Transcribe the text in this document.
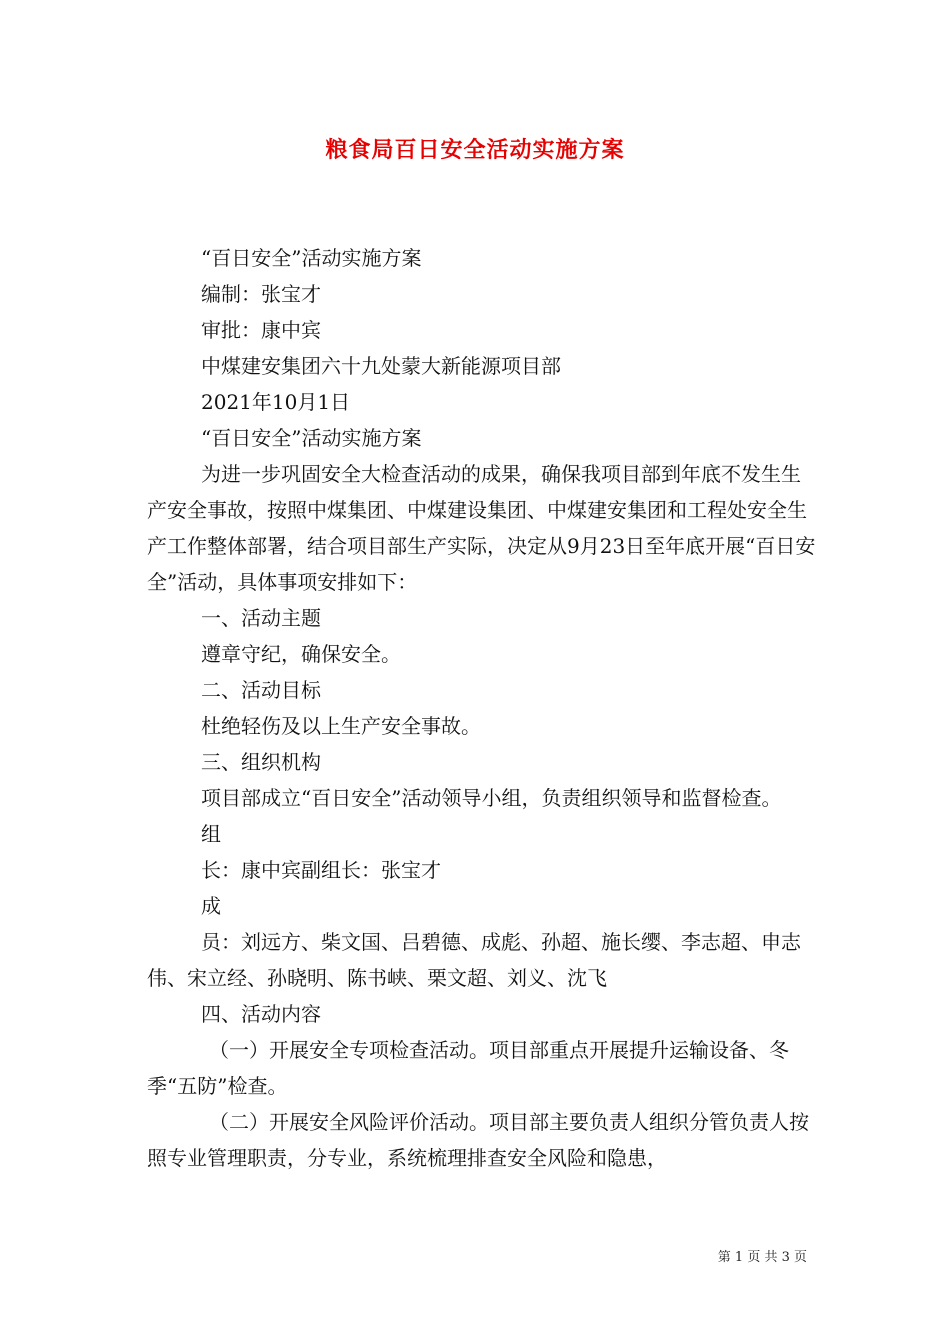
粮食局百日安全活动实施方案

“百日安全”活动实施方案

编制：张宝才

审批：康中宾

中煤建安集团六十九处蒙大新能源项目部

2021年10月1日

“百日安全”活动实施方案

为进一步巩固安全大检查活动的成果，确保我项目部到年底不发生生产安全事故，按照中煤集团、中煤建设集团、中煤建安集团和工程处安全生产工作整体部署，结合项目部生产实际，决定从9月23日至年底开展“百日安全”活动，具体事项安排如下：

一、活动主题

遵章守纪，确保安全。

二、活动目标

杜绝轻伤及以上生产安全事故。

三、组织机构

项目部成立“百日安全”活动领导小组，负责组织领导和监督检查。

组

长：康中宾副组长：张宝才

成

员：刘远方、柴文国、吕碧德、成彪、孙超、施长缨、李志超、申志伟、宋立经、孙晓明、陈书峡、栗文超、刘义、沈飞

四、活动内容

（一）开展安全专项检查活动。项目部重点开展提升运输设备、冬季“五防”检查。

（二）开展安全风险评价活动。项目部主要负责人组织分管负责人按照专业管理职责，分专业，系统梳理排查安全风险和隐患，

第 1 页 共 3 页
